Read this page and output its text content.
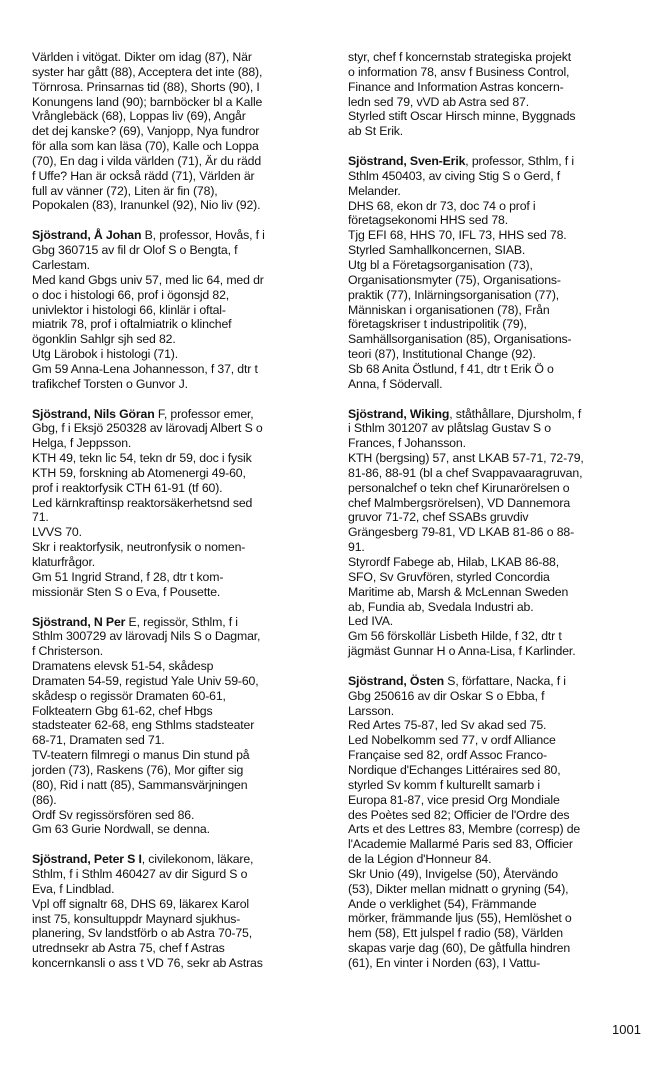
Världen i vitögat. Dikter om idag (87), När
syster har gått (88), Acceptera det inte (88),
Törnrosa. Prinsarnas tid (88), Shorts (90), I
Konungens land (90); barnböcker bl a Kalle
Vrånglebäck (68), Loppas liv (69), Angår
det dej kanske? (69), Vanjopp, Nya fundror
för alla som kan läsa (70), Kalle och Loppa
(70), En dag i vilda världen (71), Är du rädd
f Uffe? Han är också rädd (71), Världen är
full av vänner (72), Liten är fin (78),
Popokalen (83), Iranunkel (92), Nio liv (92).
Sjöstrand, Å Johan B, professor, Hovås, f i
Gbg 360715 av fil dr Olof S o Bengta, f
Carlestam.
Med kand Gbgs univ 57, med lic 64, med dr
o doc i histologi 66, prof i ögonsjd 82,
univlektor i histologi 66, klinlär i oftal-
miatrik 78, prof i oftalmiatrik o klinchef
ögonklin Sahlgr sjh sed 82.
Utg Lärobok i histologi (71).
Gm 59 Anna-Lena Johannesson, f 37, dtr t
trafikchef Torsten o Gunvor J.
Sjöstrand, Nils Göran F, professor emer,
Gbg, f i Eksjö 250328 av lärovadj Albert S o
Helga, f Jeppsson.
KTH 49, tekn lic 54, tekn dr 59, doc i fysik
KTH 59, forskning ab Atomenergi 49-60,
prof i reaktorfysik CTH 61-91 (tf 60).
Led kärnkraftinsp reaktorsäkerhetsnd sed
71.
LVVS 70.
Skr i reaktorfysik, neutronfysik o nomen-
klaturfrågor.
Gm 51 Ingrid Strand, f 28, dtr t kom-
missionär Sten S o Eva, f Pousette.
Sjöstrand, N Per E, regissör, Sthlm, f i
Sthlm 300729 av lärovadj Nils S o Dagmar,
f Christerson.
Dramatens elevsk 51-54, skådesp
Dramaten 54-59, registud Yale Univ 59-60,
skådesp o regissör Dramaten 60-61,
Folkteatern Gbg 61-62, chef Hbgs
stadsteater 62-68, eng Sthlms stadsteater
68-71, Dramaten sed 71.
TV-teatern filmregi o manus Din stund på
jorden (73), Raskens (76), Mor gifter sig
(80), Rid i natt (85), Sammansvärjningen
(86).
Ordf Sv regissörsfören sed 86.
Gm 63 Gurie Nordwall, se denna.
Sjöstrand, Peter S I, civilekonom, läkare,
Sthlm, f i Sthlm 460427 av dir Sigurd S o
Eva, f Lindblad.
Vpl off signaltr 68, DHS 69, läkarex Karol
inst 75, konsultuppdr Maynard sjukhus-
planering, Sv landstförb o ab Astra 70-75,
utrednsekr ab Astra 75, chef f Astras
koncernkansli o ass t VD 76, sekr ab Astras
styr, chef f koncernstab strategiska projekt
o information 78, ansv f Business Control,
Finance and Information Astras koncern-
ledn sed 79, vVD ab Astra sed 87.
Styrled stift Oscar Hirsch minne, Byggnads
ab St Erik.
Sjöstrand, Sven-Erik, professor, Sthlm, f i
Sthlm 450403, av civing Stig S o Gerd, f
Melander.
DHS 68, ekon dr 73, doc 74 o prof i
företagsekonomi HHS sed 78.
Tjg EFI 68, HHS 70, IFL 73, HHS sed 78.
Styrled Samhallkoncernen, SIAB.
Utg bl a Företagsorganisation (73),
Organisationsmyter (75), Organisations-
praktik (77), Inlärningsorganisation (77),
Människan i organisationen (78), Från
företagskriser t industripolitik (79),
Samhällsorganisation (85), Organisations-
teori (87), Institutional Change (92).
Sb 68 Anita Östlund, f 41, dtr t Erik Ö o
Anna, f Södervall.
Sjöstrand, Wiking, ståthållare, Djursholm, f
i Sthlm 301207 av plåtslag Gustav S o
Frances, f Johansson.
KTH (bergsing) 57, anst LKAB 57-71, 72-79,
81-86, 88-91 (bl a chef Svappavaaragruvan,
personalchef o tekn chef Kirunarörelsen o
chef Malmbergsrörelsen), VD Dannemora
gruvor 71-72, chef SSABs gruvdiv
Grängesberg 79-81, VD LKAB 81-86 o 88-
91.
Styrordf Fabege ab, Hilab, LKAB 86-88,
SFO, Sv Gruvfören, styrled Concordia
Maritime ab, Marsh & McLennan Sweden
ab, Fundia ab, Svedala Industri ab.
Led IVA.
Gm 56 förskollär Lisbeth Hilde, f 32, dtr t
jägmäst Gunnar H o Anna-Lisa, f Karlinder.
Sjöstrand, Östen S, författare, Nacka, f i
Gbg 250616 av dir Oskar S o Ebba, f
Larsson.
Red Artes 75-87, led Sv akad sed 75.
Led Nobelkomm sed 77, v ordf Alliance
Française sed 82, ordf Assoc Franco-
Nordique d'Echanges Littéraires sed 80,
styrled Sv komm f kulturellt samarb i
Europa 81-87, vice presid Org Mondiale
des Poètes sed 82; Officier de l'Ordre des
Arts et des Lettres 83, Membre (corresp) de
l'Academie Mallarmé Paris sed 83, Officier
de la Légion d'Honneur 84.
Skr Unio (49), Invigelse (50), Återvändo
(53), Dikter mellan midnatt o gryning (54),
Ande o verklighet (54), Främmande
mörker, främmande ljus (55), Hemlöshet o
hem (58), Ett julspel f radio (58), Världen
skapas varje dag (60), De gåtfulla hindren
(61), En vinter i Norden (63), I Vattu-
1001
